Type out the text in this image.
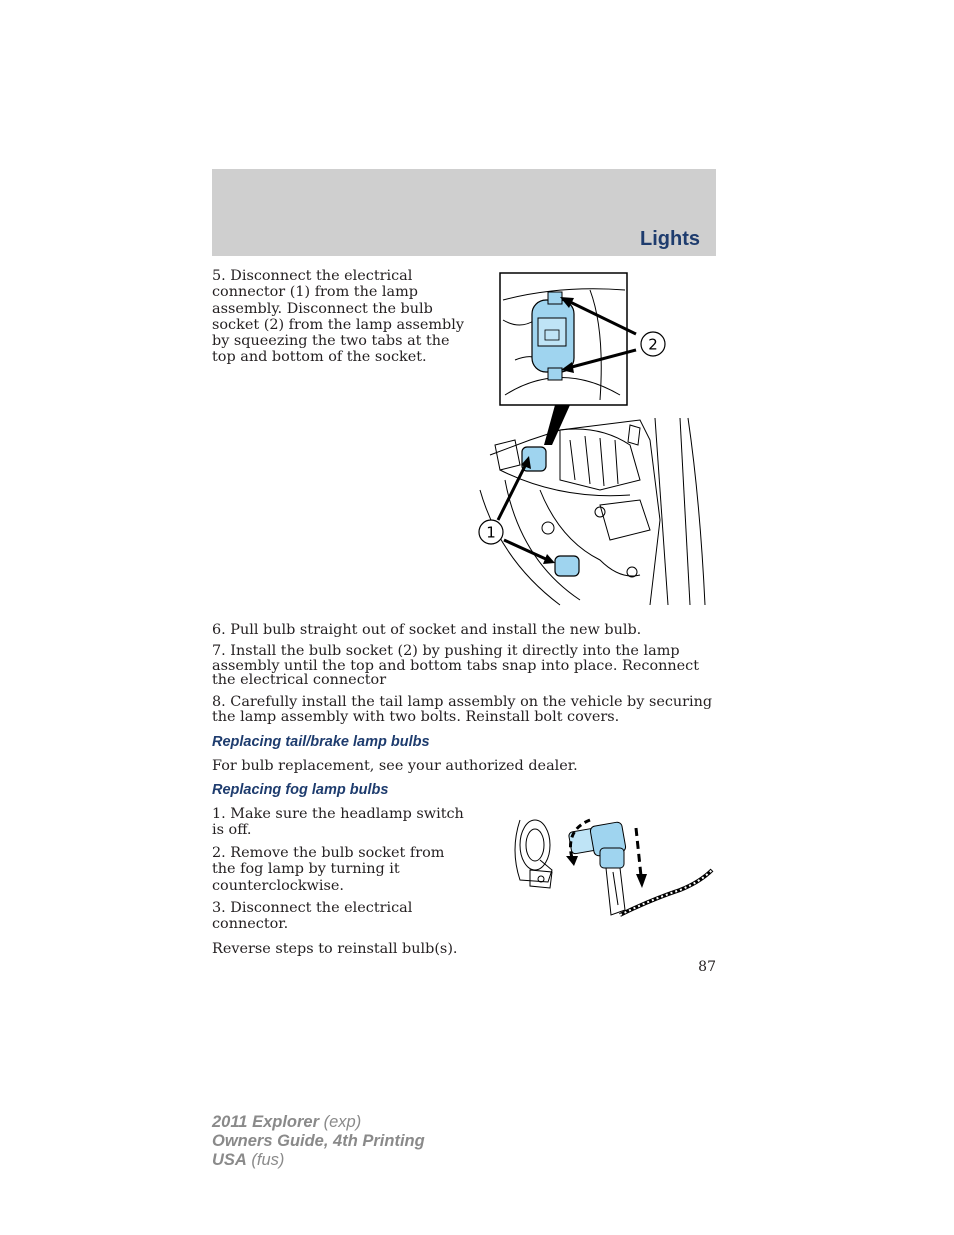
Lights

5. Disconnect the electrical connector (1) from the lamp assembly. Disconnect the bulb socket (2) from the lamp assembly by squeezing the two tabs at the top and bottom of the socket.

2
1

6. Pull bulb straight out of socket and install the new bulb.

7. Install the bulb socket (2) by pushing it directly into the lamp assembly until the top and bottom tabs snap into place. Reconnect the electrical connector

8. Carefully install the tail lamp assembly on the vehicle by securing the lamp assembly with two bolts. Reinstall bolt covers.

Replacing tail/brake lamp bulbs

For bulb replacement, see your authorized dealer.

Replacing fog lamp bulbs

1. Make sure the headlamp switch is off.

2. Remove the bulb socket from the fog lamp by turning it counterclockwise.

3. Disconnect the electrical connector.

Reverse steps to reinstall bulb(s).

87
2011 Explorer (exp)
Owners Guide, 4th Printing
USA (fus)
